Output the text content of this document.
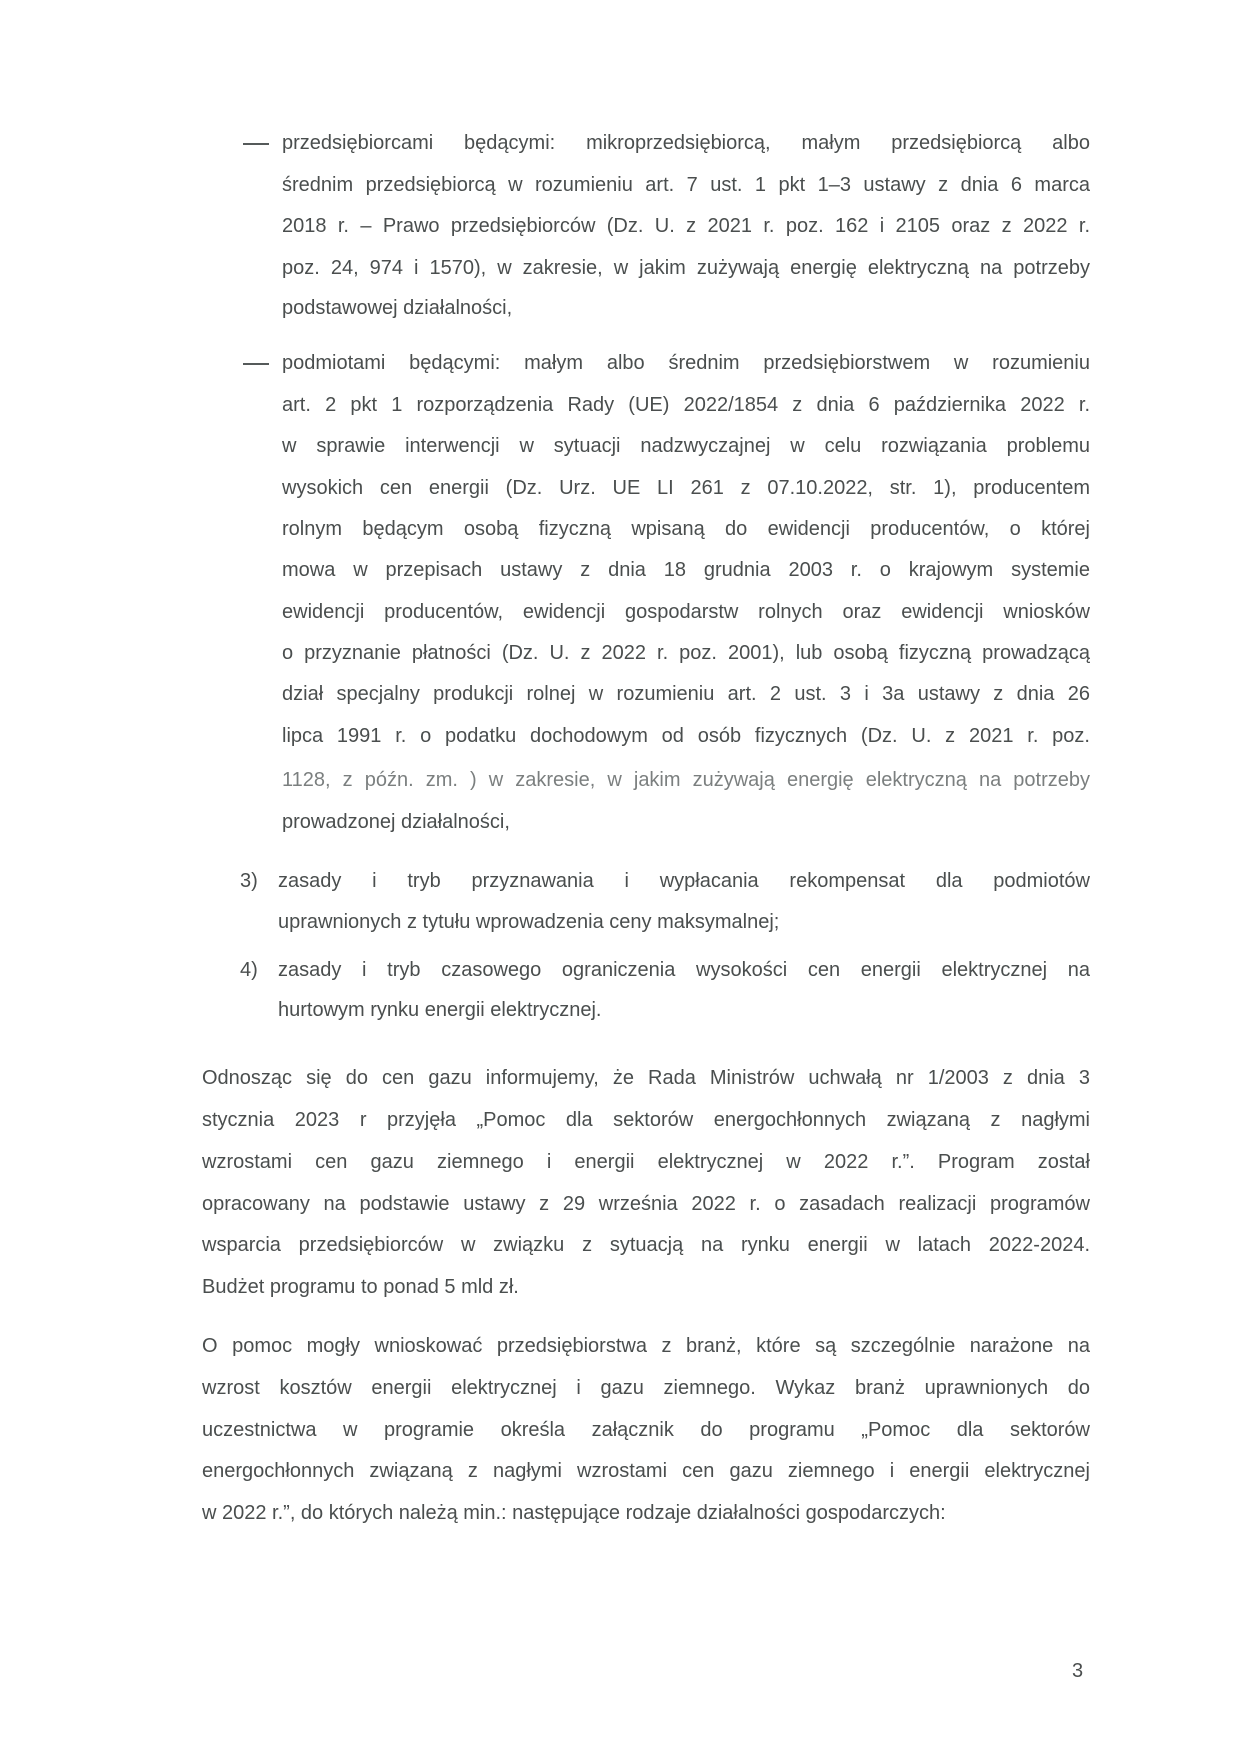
przedsiębiorcami będącymi: mikroprzedsiębiorcą, małym przedsiębiorcą albo
średnim przedsiębiorcą w rozumieniu art. 7 ust. 1 pkt 1–3 ustawy z dnia 6 marca
2018 r. – Prawo przedsiębiorców (Dz. U. z 2021 r. poz. 162 i 2105 oraz z 2022 r.
poz. 24, 974 i 1570), w zakresie, w jakim zużywają energię elektryczną na potrzeby
podstawowej działalności,
podmiotami będącymi: małym albo średnim przedsiębiorstwem w rozumieniu
art. 2 pkt 1 rozporządzenia Rady (UE) 2022/1854 z dnia 6 października 2022 r.
w sprawie interwencji w sytuacji nadzwyczajnej w celu rozwiązania problemu
wysokich cen energii (Dz. Urz. UE LI 261 z 07.10.2022, str. 1), producentem
rolnym będącym osobą fizyczną wpisaną do ewidencji producentów, o której
mowa w przepisach ustawy z dnia 18 grudnia 2003 r. o krajowym systemie
ewidencji producentów, ewidencji gospodarstw rolnych oraz ewidencji wniosków
o przyznanie płatności (Dz. U. z 2022 r. poz. 2001), lub osobą fizyczną prowadzącą
dział specjalny produkcji rolnej w rozumieniu art. 2 ust. 3 i 3a ustawy z dnia 26
lipca 1991 r. o podatku dochodowym od osób fizycznych (Dz. U. z 2021 r. poz.
1128, z późn. zm. ) w zakresie, w jakim zużywają energię elektryczną na potrzeby
prowadzonej działalności,
3) zasady i tryb przyznawania i wypłacania rekompensat dla podmiotów
uprawnionych z tytułu wprowadzenia ceny maksymalnej;
4) zasady i tryb czasowego ograniczenia wysokości cen energii elektrycznej na
hurtowym rynku energii elektrycznej.
Odnosząc się do cen gazu informujemy, że Rada Ministrów uchwałą nr 1/2003 z dnia 3
stycznia 2023 r przyjęła „Pomoc dla sektorów energochłonnych związaną z nagłymi
wzrostami cen gazu ziemnego i energii elektrycznej w 2022 r.”. Program został
opracowany na podstawie ustawy z 29 września 2022 r. o zasadach realizacji programów
wsparcia przedsiębiorców w związku z sytuacją na rynku energii w latach 2022-2024.
Budżet programu to ponad 5 mld zł.
O pomoc mogły wnioskować przedsiębiorstwa z branż, które są szczególnie narażone na
wzrost kosztów energii elektrycznej i gazu ziemnego. Wykaz branż uprawnionych do
uczestnictwa w programie określa załącznik do programu „Pomoc dla sektorów
energochłonnych związaną z nagłymi wzrostami cen gazu ziemnego i energii elektrycznej
w 2022 r.”, do których należą min.: następujące rodzaje działalności gospodarczych:
3
